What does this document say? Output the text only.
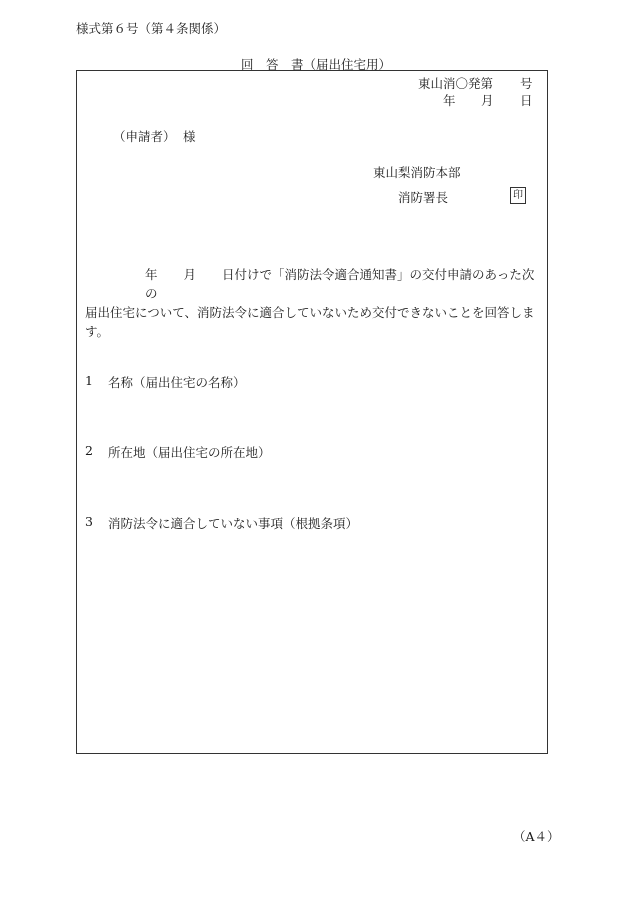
様式第６号（第４条関係）
回　答　書（届出住宅用）
東山消〇発第 号
年 月 日
（申請者） 様
東山梨消防本部
消防署長	印
年 月 日付けで「消防法令適合通知書」の交付申請のあった次の
届出住宅について、消防法令に適合していないため交付できないことを回答しま
す。
1 名称（届出住宅の名称）
2 所在地（届出住宅の所在地）
3 消防法令に適合していない事項（根拠条項）
（A４）
